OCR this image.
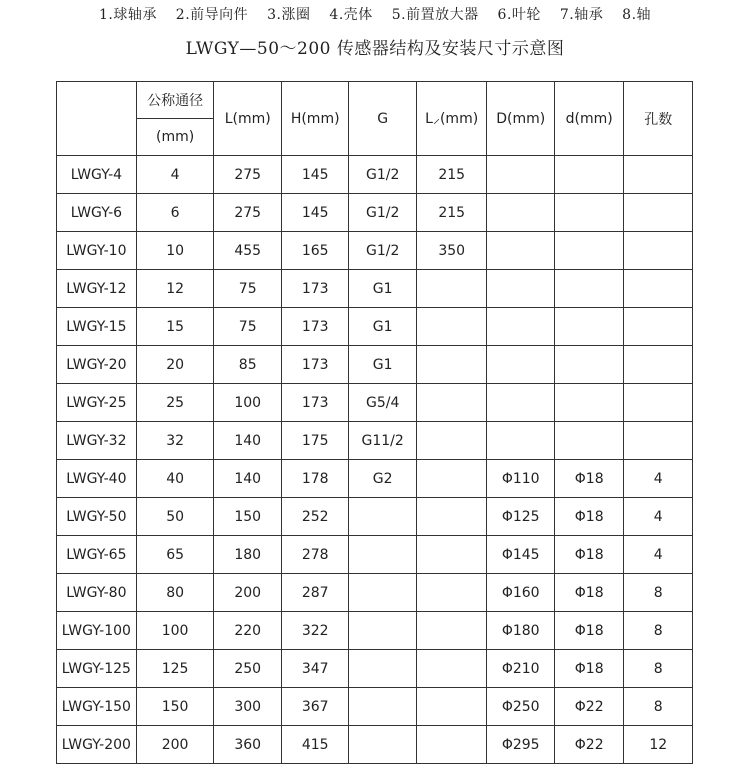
1.球轴承 2.前导向件 3.涨圈 4.壳体 5.前置放大器 6.叶轮 7.轴承 8.轴
LWGY—50～200 传感器结构及安装尺寸示意图
	公称通径	L(mm)	H(mm)	G	L⸝(mm)	D(mm)	d(mm)	孔数
	(mm)							
LWGY-4	4	275	145	G1/2	215			
LWGY-6	6	275	145	G1/2	215			
LWGY-10	10	455	165	G1/2	350			
LWGY-12	12	75	173	G1				
LWGY-15	15	75	173	G1				
LWGY-20	20	85	173	G1				
LWGY-25	25	100	173	G5/4				
LWGY-32	32	140	175	G11/2				
LWGY-40	40	140	178	G2		Φ110	Φ18	4
LWGY-50	50	150	252			Φ125	Φ18	4
LWGY-65	65	180	278			Φ145	Φ18	4
LWGY-80	80	200	287			Φ160	Φ18	8
LWGY-100	100	220	322			Φ180	Φ18	8
LWGY-125	125	250	347			Φ210	Φ18	8
LWGY-150	150	300	367			Φ250	Φ22	8
LWGY-200	200	360	415			Φ295	Φ22	12
